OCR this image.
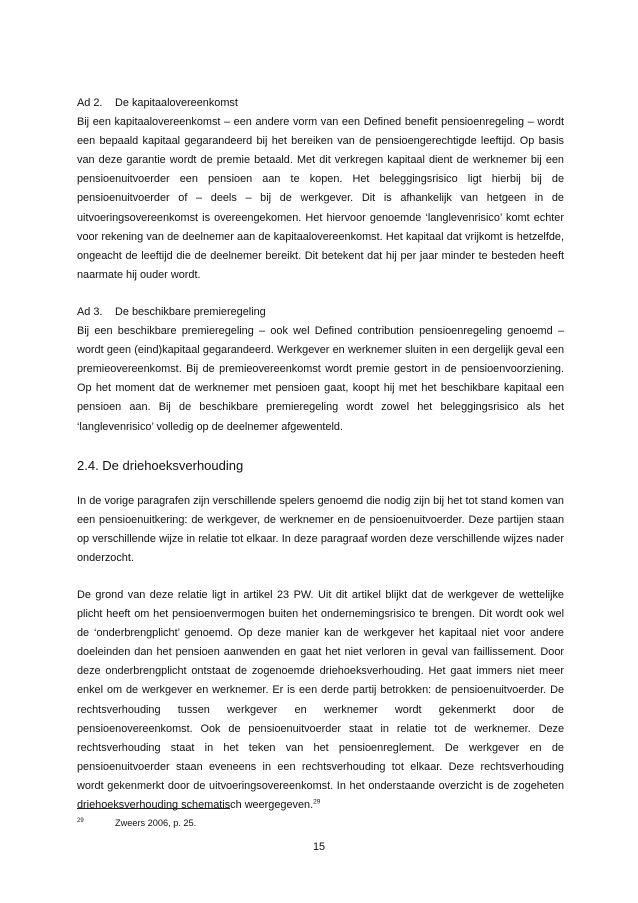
Ad 2. De kapitaalovereenkomst
Bij een kapitaalovereenkomst – een andere vorm van een Defined benefit pensioenregeling – wordt
een bepaald kapitaal gegarandeerd bij het bereiken van de pensioengerechtigde leeftijd. Op basis
van deze garantie wordt de premie betaald. Met dit verkregen kapitaal dient de werknemer bij een
pensioenuitvoerder een pensioen aan te kopen. Het beleggingsrisico ligt hierbij bij de
pensioenuitvoerder of – deels – bij de werkgever. Dit is afhankelijk van hetgeen in de
uitvoeringsovereenkomst is overeengekomen. Het hiervoor genoemde ‘langlevenrisico’ komt echter
voor rekening van de deelnemer aan de kapitaalovereenkomst. Het kapitaal dat vrijkomt is hetzelfde,
ongeacht de leeftijd die de deelnemer bereikt. Dit betekent dat hij per jaar minder te besteden heeft
naarmate hij ouder wordt.
Ad 3. De beschikbare premieregeling
Bij een beschikbare premieregeling – ook wel Defined contribution pensioenregeling genoemd –
wordt geen (eind)kapitaal gegarandeerd. Werkgever en werknemer sluiten in een dergelijk geval een
premieovereenkomst. Bij de premieovereenkomst wordt premie gestort in de pensioenvoorziening.
Op het moment dat de werknemer met pensioen gaat, koopt hij met het beschikbare kapitaal een
pensioen aan. Bij de beschikbare premieregeling wordt zowel het beleggingsrisico als het
‘langlevenrisico’ volledig op de deelnemer afgewenteld.
2.4. De driehoeksverhouding
In de vorige paragrafen zijn verschillende spelers genoemd die nodig zijn bij het tot stand komen van
een pensioenuitkering: de werkgever, de werknemer en de pensioenuitvoerder. Deze partijen staan
op verschillende wijze in relatie tot elkaar. In deze paragraaf worden deze verschillende wijzes nader
onderzocht.
De grond van deze relatie ligt in artikel 23 PW. Uit dit artikel blijkt dat de werkgever de wettelijke
plicht heeft om het pensioenvermogen buiten het ondernemingsrisico te brengen. Dit wordt ook wel
de ‘onderbrengplicht’ genoemd. Op deze manier kan de werkgever het kapitaal niet voor andere
doeleinden dan het pensioen aanwenden en gaat het niet verloren in geval van faillissement. Door
deze onderbrengplicht ontstaat de zogenoemde driehoeksverhouding. Het gaat immers niet meer
enkel om de werkgever en werknemer. Er is een derde partij betrokken: de pensioenuitvoerder. De
rechtsverhouding tussen werkgever en werknemer wordt gekenmerkt door de
pensioenovereenkomst. Ook de pensioenuitvoerder staat in relatie tot de werknemer. Deze
rechtsverhouding staat in het teken van het pensioenreglement. De werkgever en de
pensioenuitvoerder staan eveneens in een rechtsverhouding tot elkaar. Deze rechtsverhouding
wordt gekenmerkt door de uitvoeringsovereenkomst. In het onderstaande overzicht is de zogeheten
driehoeksverhouding schematisch weergegeven.$^{29}$
29	Zweers 2006, p. 25.
15
